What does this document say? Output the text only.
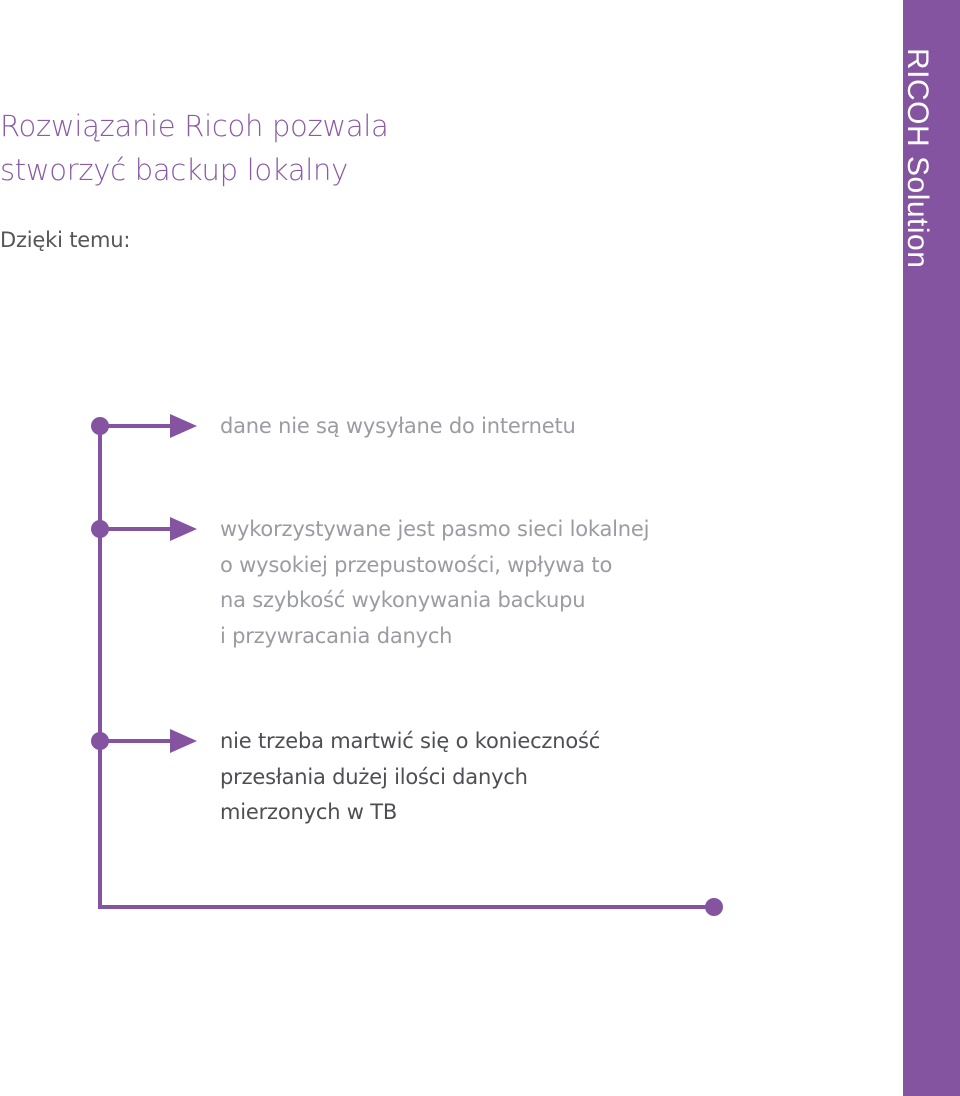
RICOH Solution
Rozwiązanie Ricoh pozwala
stworzyć backup lokalny
Dzięki temu:
dane nie są wysyłane do internetu
wykorzystywane jest pasmo sieci lokalnej
o wysokiej przepustowości, wpływa to
na szybkość wykonywania backupu
i przywracania danych
nie trzeba martwić się o konieczność
przesłania dużej ilości danych
mierzonych w TB
